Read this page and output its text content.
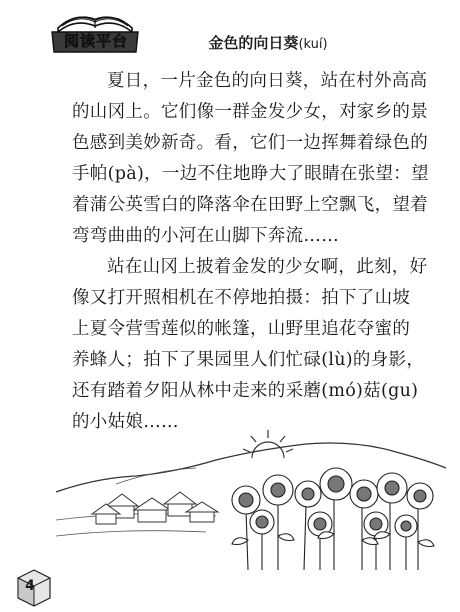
阅读平台	金色的向日葵(kuí)

夏日，一片金色的向日葵，站在村外高高

的山冈上。它们像一群金发少女，对家乡的景

色感到美妙新奇。看，它们一边挥舞着绿色的

手帕(pà)，一边不住地睁大了眼睛在张望：望

着蒲公英雪白的降落伞在田野上空飘飞，望着

弯弯曲曲的小河在山脚下奔流……

站在山冈上披着金发的少女啊，此刻，好

像又打开照相机在不停地拍摄：拍下了山坡

上夏令营雪莲似的帐篷，山野里追花夺蜜的

养蜂人；拍下了果园里人们忙碌(lù)的身影，

还有踏着夕阳从林中走来的采蘑(mó)菇(gu)

的小姑娘……

4
